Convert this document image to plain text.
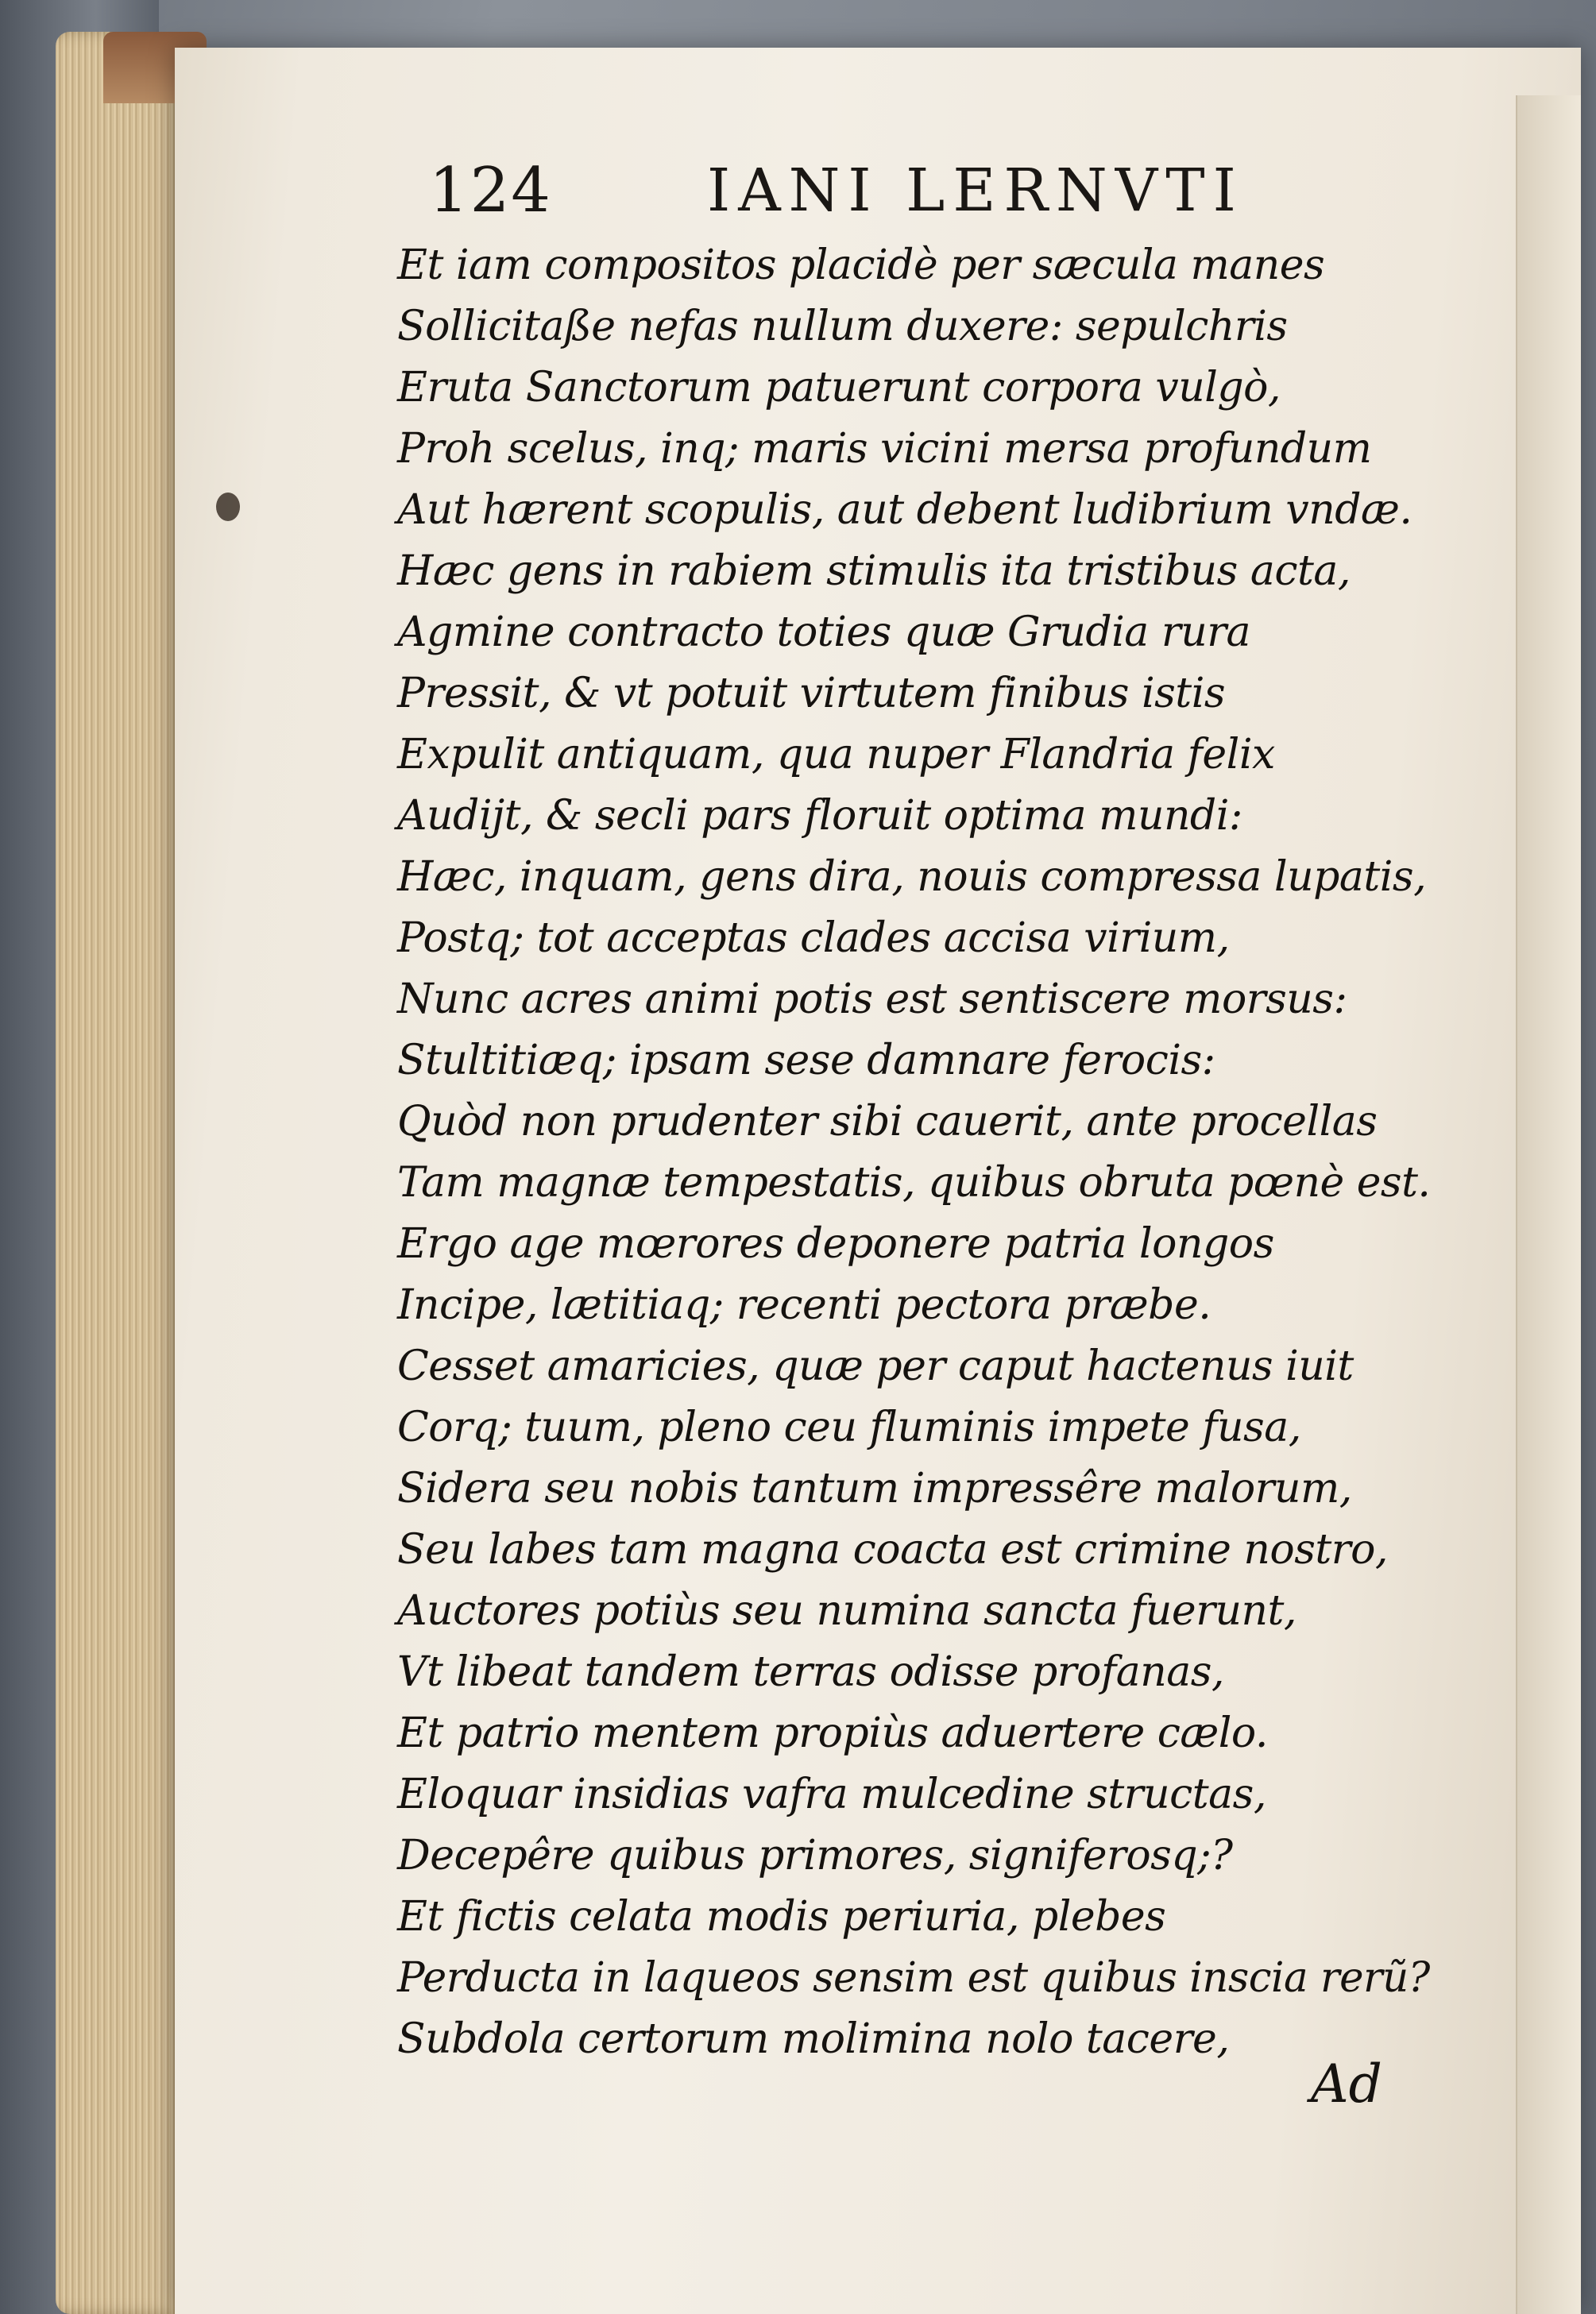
124	IANI LERNVTI
Et iam compositos placidè per sæcula manes
Sollicitaße nefas nullum duxere: sepulchris
Eruta Sanctorum patuerunt corpora vulgò,
Proh scelus, inq; maris vicini mersa profundum
Aut hærent scopulis, aut debent ludibrium vndæ.
Hæc gens in rabiem stimulis ita tristibus acta,
Agmine contracto toties quæ Grudia rura
Pressit, & vt potuit virtutem finibus istis
Expulit antiquam, qua nuper Flandria felix
Audijt, & secli pars floruit optima mundi:
Hæc, inquam, gens dira, nouis compressa lupatis,
Postq; tot acceptas clades accisa virium,
Nunc acres animi potis est sentiscere morsus:
Stultitiæq; ipsam sese damnare ferocis:
Quòd non prudenter sibi cauerit, ante procellas
Tam magnæ tempestatis, quibus obruta pœnè est.
Ergo age mœrores deponere patria longos
Incipe, lætitiaq; recenti pectora præbe.
Cesset amaricies, quæ per caput hactenus iuit
Corq; tuum, pleno ceu fluminis impete fusa,
Sidera seu nobis tantum impressêre malorum,
Seu labes tam magna coacta est crimine nostro,
Auctores potiùs seu numina sancta fuerunt,
Vt libeat tandem terras odisse profanas,
Et patrio mentem propiùs aduertere cælo.
Eloquar insidias vafra mulcedine structas,
Decepêre quibus primores, signiferosq;?
Et fictis celata modis periuria, plebes
Perducta in laqueos sensim est quibus inscia rerũ?
Subdola certorum molimina nolo tacere,
Ad
